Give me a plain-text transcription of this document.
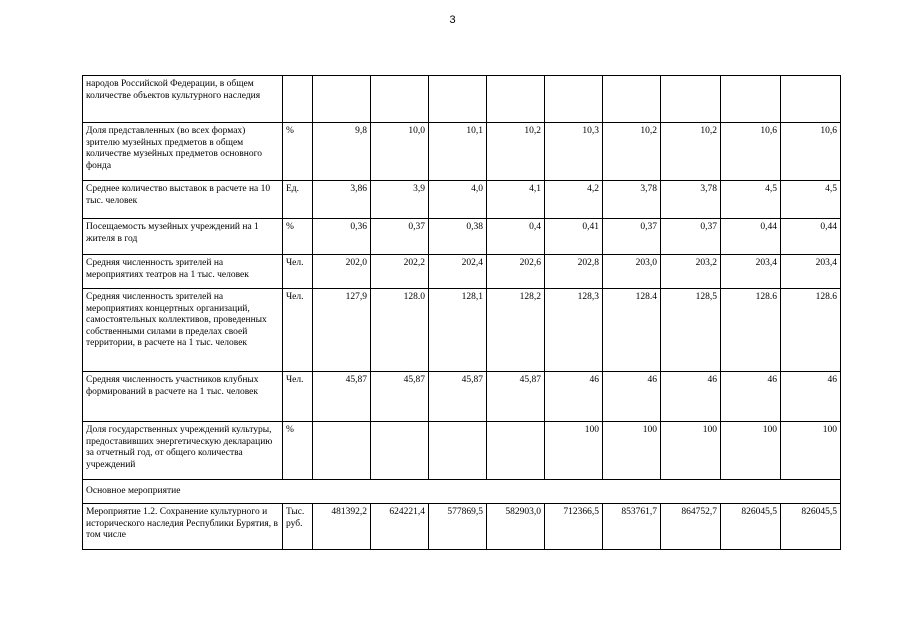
3
народов Российской Федерации, в общем количестве объектов культурного наследия										
Доля представленных (во всех формах) зрителю музейных предметов в общем количестве музейных предметов основного фонда	%	9,8	10,0	10,1	10,2	10,3	10,2	10,2	10,6	10,6
Среднее количество выставок в расчете на 10 тыс. человек	Ед.	3,86	3,9	4,0	4,1	4,2	3,78	3,78	4,5	4,5
Посещаемость музейных учреждений на 1 жителя в год	%	0,36	0,37	0,38	0,4	0,41	0,37	0,37	0,44	0,44
Средняя численность зрителей на мероприятиях театров на 1 тыс. человек	Чел.	202,0	202,2	202,4	202,6	202,8	203,0	203,2	203,4	203,4
Средняя численность зрителей на мероприятиях концертных организаций, самостоятельных коллективов, проведенных собственными силами в пределах своей территории, в расчете на 1 тыс. человек	Чел.	127,9	128.0	128,1	128,2	128,3	128.4	128,5	128.6	128.6
Средняя численность участников клубных формирований в расчете на 1 тыс. человек	Чел.	45,87	45,87	45,87	45,87	46	46	46	46	46
Доля государственных учреждений культуры, предоставивших энергетическую декларацию за отчетный год, от общего количества учреждений	%					100	100	100	100	100
Основное мероприятие										
Мероприятие 1.2. Сохранение культурного и исторического наследия Республики Бурятия, в том числе	Тыс. руб.	481392,2	624221,4	577869,5	582903,0	712366,5	853761,7	864752,7	826045,5	826045,5
